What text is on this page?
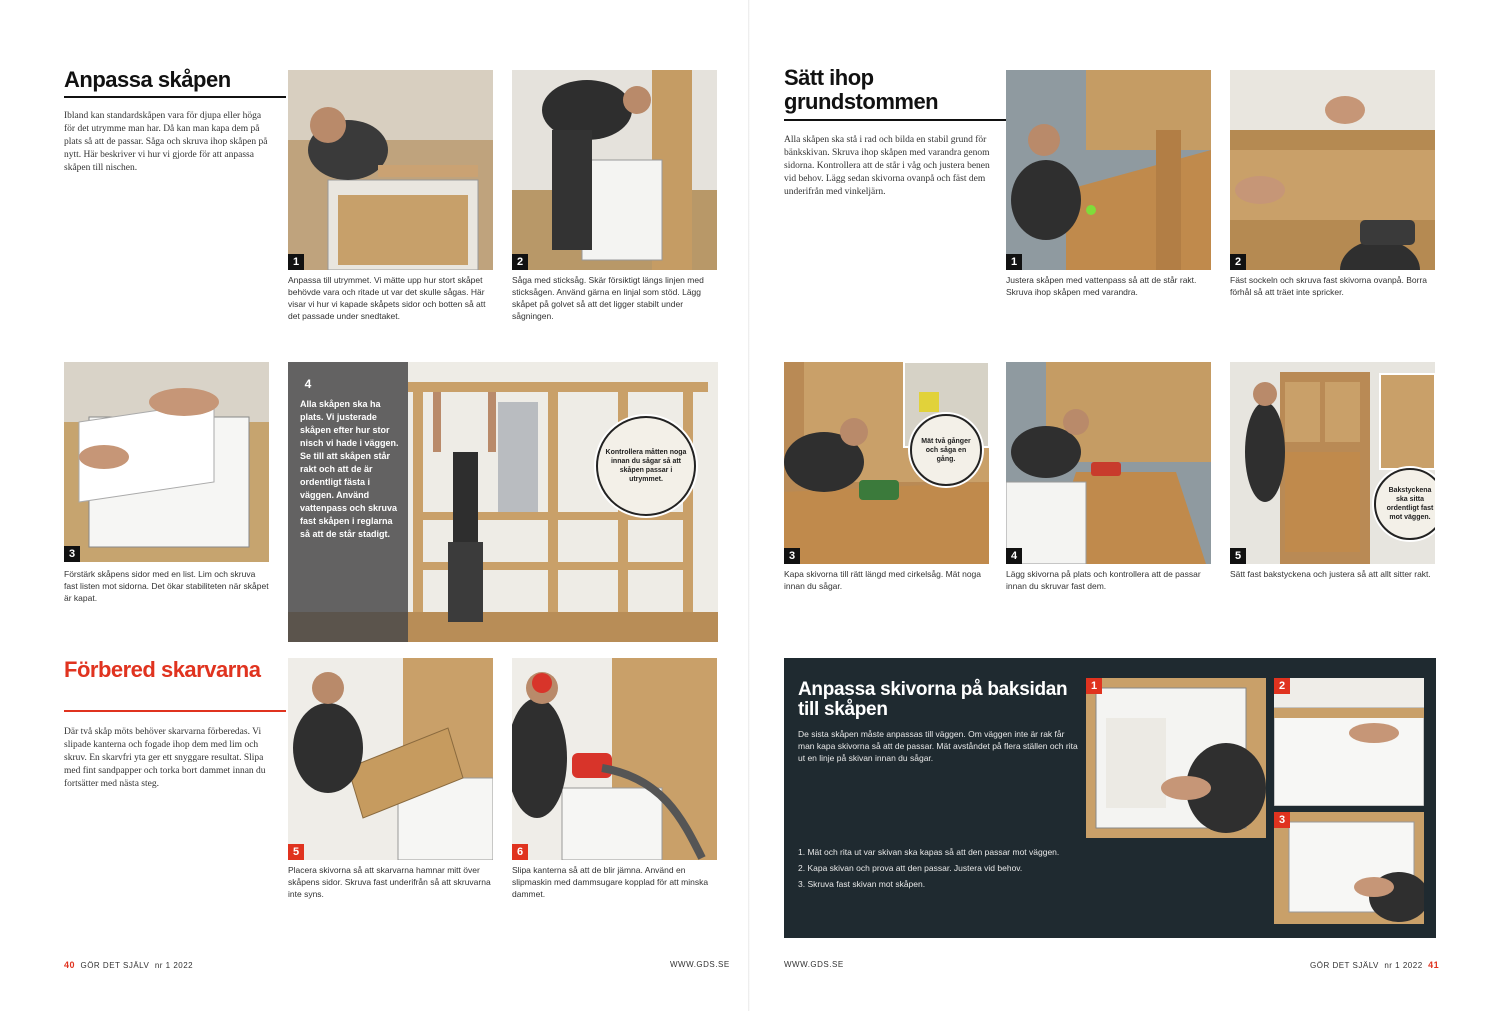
Anpassa skåpen
Ibland kan standardskåpen vara för djupa eller höga för det utrymme man har. Då kan man kapa dem på plats så att de passar. Såga och skruva ihop skåpen på nytt. Här beskriver vi hur vi gjorde för att anpassa skåpen till nischen.
1
Anpassa till utrymmet. Vi mätte upp hur stort skåpet behövde vara och ritade ut var det skulle sågas. Här visar vi hur vi kapade skåpets sidor och botten så att det passade under snedtaket.
2
Såga med sticksåg. Skär försiktigt längs linjen med sticksågen. Använd gärna en linjal som stöd. Lägg skåpet på golvet så att det ligger stabilt under sågningen.
3
Förstärk skåpens sidor med en list. Lim och skruva fast listen mot sidorna. Det ökar stabiliteten när skåpet är kapat.
4
Alla skåpen ska ha plats. Vi justerade skåpen efter hur stor nisch vi hade i väggen. Se till att skåpen står rakt och att de är ordentligt fästa i väggen. Använd vattenpass och skruva fast skåpen i reglarna så att de står stadigt.
Kontrollera måtten noga innan du sågar så att skåpen passar i utrymmet.
Förbered skarvarna
Där två skåp möts behöver skarvarna förberedas. Vi slipade kanterna och fogade ihop dem med lim och skruv. En skarvfri yta ger ett snyggare resultat. Slipa med fint sandpapper och torka bort dammet innan du fortsätter med nästa steg.
5
Placera skivorna så att skarvarna hamnar mitt över skåpens sidor. Skruva fast underifrån så att skruvarna inte syns.
6
Slipa kanterna så att de blir jämna. Använd en slipmaskin med dammsugare kopplad för att minska dammet.
40 GÖR DET SJÄLV nr 1 2022	WWW.GDS.SE
Sätt ihop grundstommen
Alla skåpen ska stå i rad och bilda en stabil grund för bänkskivan. Skruva ihop skåpen med varandra genom sidorna. Kontrollera att de står i våg och justera benen vid behov. Lägg sedan skivorna ovanpå och fäst dem underifrån med vinkeljärn.
1
Justera skåpen med vattenpass så att de står rakt. Skruva ihop skåpen med varandra.
2
Fäst sockeln och skruva fast skivorna ovanpå. Borra förhål så att träet inte spricker.
3
Mät två gånger och såga en gång.
Kapa skivorna till rätt längd med cirkelsåg. Mät noga innan du sågar.
4
Lägg skivorna på plats och kontrollera att de passar innan du skruvar fast dem.
5
Bakstyckena ska sitta ordentligt fast mot väggen.
Sätt fast bakstyckena och justera så att allt sitter rakt.
Anpassa skivorna på baksidan till skåpen
De sista skåpen måste anpassas till väggen. Om väggen inte är rak får man kapa skivorna så att de passar. Mät avståndet på flera ställen och rita ut en linje på skivan innan du sågar.
1. Mät och rita ut var skivan ska kapas så att den passar mot väggen.
2. Kapa skivan och prova att den passar. Justera vid behov.
3. Skruva fast skivan mot skåpen.
1	2
3
WWW.GDS.SE	GÖR DET SJÄLV nr 1 2022 41
